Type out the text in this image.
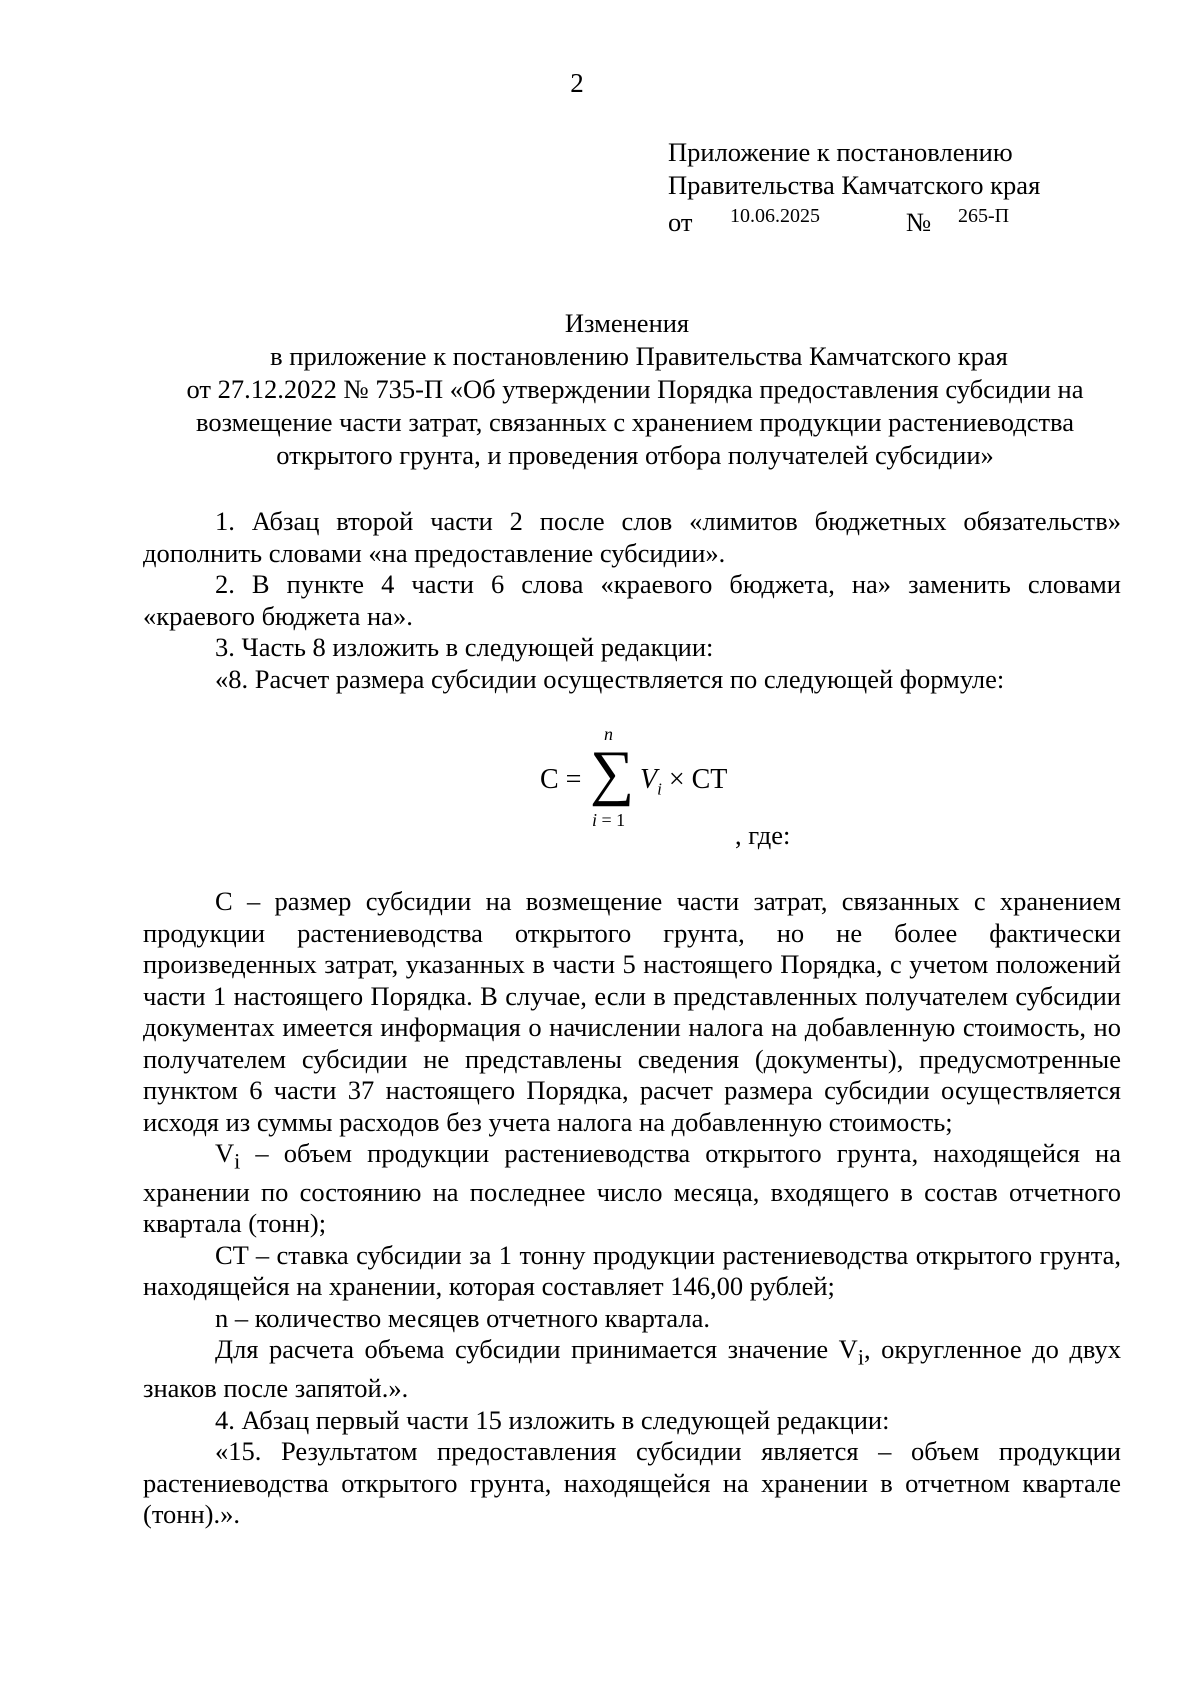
2
Приложение к постановлению
Правительства Камчатского края
от 10.06.2025	№ 265-П
Изменения
в приложение к постановлению Правительства Камчатского края
от 27.12.2022 № 735-П «Об утверждении Порядка предоставления субсидии на возмещение части затрат, связанных с хранением продукции растениеводства открытого грунта, и проведения отбора получателей субсидии»

1. Абзац второй части 2 после слов «лимитов бюджетных обязательств» дополнить словами «на предоставление субсидии».

2. В пункте 4 части 6 слова «краевого бюджета, на» заменить словами «краевого бюджета на».

3. Часть 8 изложить в следующей редакции:

«8. Расчет размера субсидии осуществляется по следующей формуле:

C =
n
∑
i = 1
$V_i$ × CT
, где:

C – размер субсидии на возмещение части затрат, связанных с хранением продукции растениеводства открытого грунта, но не более фактически произведенных затрат, указанных в части 5 настоящего Порядка, с учетом положений части 1 настоящего Порядка. В случае, если в представленных получателем субсидии документах имеется информация о начислении налога на добавленную стоимость, но получателем субсидии не представлены сведения (документы), предусмотренные пунктом 6 части 37 настоящего Порядка, расчет размера субсидии осуществляется исходя из суммы расходов без учета налога на добавленную стоимость;

$V_i$ – объем продукции растениеводства открытого грунта, находящейся на хранении по состоянию на последнее число месяца, входящего в состав отчетного квартала (тонн);

CT – ставка субсидии за 1 тонну продукции растениеводства открытого грунта, находящейся на хранении, которая составляет 146,00 рублей;

n – количество месяцев отчетного квартала.

Для расчета объема субсидии принимается значение $V_i$, округленное до двух знаков после запятой.».

4. Абзац первый части 15 изложить в следующей редакции:

«15. Результатом предоставления субсидии является – объем продукции растениеводства открытого грунта, находящейся на хранении в отчетном квартале (тонн).».
